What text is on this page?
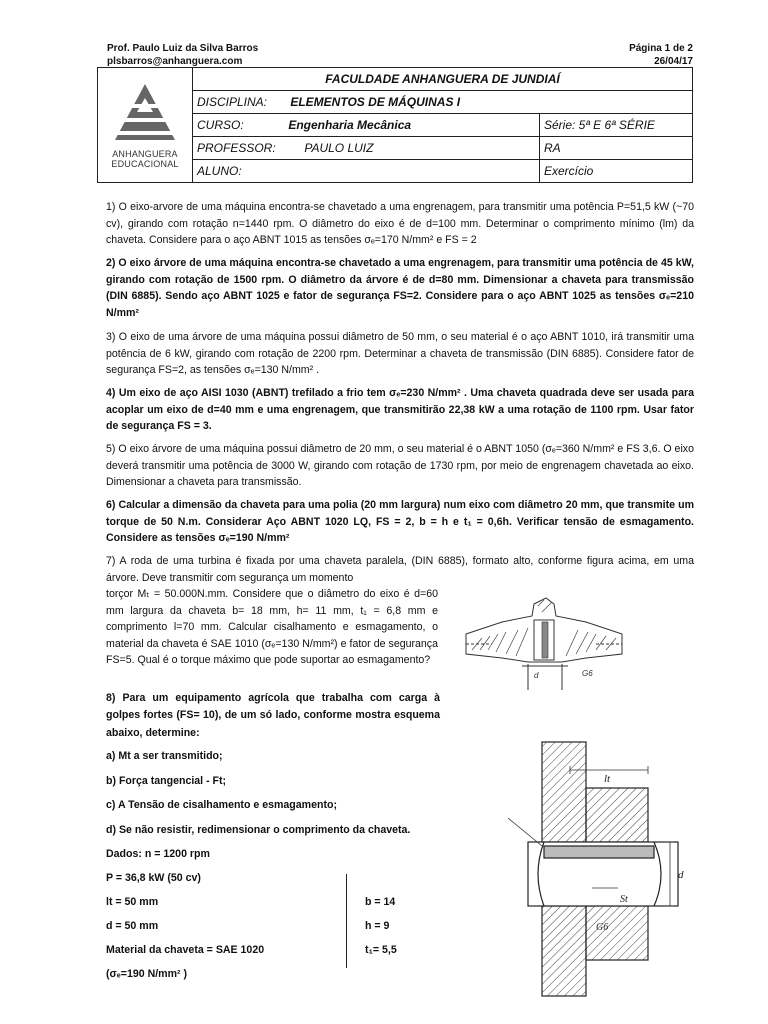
Prof. Paulo Luiz da Silva Barros
plsbarros@anhanguera.com
Página 1 de 2
26/04/17
ANHANGUERA
EDUCACIONAL	FACULDADE ANHANGUERA DE JUNDIAÍ	
	DISCIPLINA: ELEMENTOS DE MÁQUINAS I	
	CURSO: Engenharia Mecânica	Série: 5ª E 6ª SÉRIE
	PROFESSOR: PAULO LUIZ	RA
	ALUNO:	Exercício
1) O eixo-arvore de uma máquina encontra-se chavetado a uma engrenagem, para transmitir uma potência P=51,5 kW (~70 cv), girando com rotação n=1440 rpm. O diâmetro do eixo é de d=100 mm. Determinar o comprimento mínimo (lm) da chaveta. Considere para o aço ABNT 1015 as tensões σₑ=170 N/mm² e FS = 2
2) O eixo árvore de uma máquina encontra-se chavetado a uma engrenagem, para transmitir uma potência de 45 kW, girando com rotação de 1500 rpm. O diâmetro da árvore é de d=80 mm. Dimensionar a chaveta para transmissão (DIN 6885). Sendo aço ABNT 1025 e fator de segurança FS=2. Considere para o aço ABNT 1025 as tensões σₑ=210 N/mm²
3) O eixo de uma árvore de uma máquina possui diâmetro de 50 mm, o seu material é o aço ABNT 1010, irá transmitir uma potência de 6 kW, girando com rotação de 2200 rpm. Determinar a chaveta de transmissão (DIN 6885). Considere fator de segurança FS=2, as tensões σₑ=130 N/mm² .
4) Um eixo de aço AISI 1030 (ABNT) trefilado a frio tem σₑ=230 N/mm² . Uma chaveta quadrada deve ser usada para acoplar um eixo de d=40 mm e uma engrenagem, que transmitirão 22,38 kW a uma rotação de 1100 rpm. Usar fator de segurança FS = 3.
5) O eixo árvore de uma máquina possui diâmetro de 20 mm, o seu material é o ABNT 1050 (σₑ=360 N/mm² e FS 3,6. O eixo deverá transmitir uma potência de 3000 W, girando com rotação de 1730 rpm, por meio de engrenagem chavetada ao eixo. Dimensionar a chaveta para transmissão.
6) Calcular a dimensão da chaveta para uma polia (20 mm largura) num eixo com diâmetro 20 mm, que transmite um torque de 50 N.m. Considerar Aço ABNT 1020 LQ, FS = 2, b = h e t₁ = 0,6h. Verificar tensão de esmagamento. Considere as tensões σₑ=190 N/mm²
7) A roda de uma turbina é fixada por uma chaveta paralela, (DIN 6885), formato alto, conforme figura acima, em uma árvore. Deve transmitir com segurança um momento
torçor Mₜ = 50.000N.mm. Considere que o diâmetro do eixo é d=60 mm largura da chaveta b= 18 mm, h= 11 mm, t₁ = 6,8 mm e comprimento l=70 mm. Calcular cisalhamento e esmagamento, o material da chaveta é SAE 1010 (σₑ=130 N/mm²) e fator de segurança FS=5. Qual é o torque máximo que pode suportar ao esmagamento?
G6
d
8) Para um equipamento agrícola que trabalha com carga à golpes fortes (FS= 10), de um só lado, conforme mostra esquema abaixo, determine:
a) Mt a ser transmitido;
b) Força tangencial - Ft;
c) A Tensão de cisalhamento e esmagamento;
d) Se não resistir, redimensionar o comprimento da chaveta.
Dados: n = 1200 rpm
P = 36,8 kW (50 cv)
lt = 50 mm
d = 50 mm
Material da chaveta = SAE 1020
(σₑ=190 N/mm² )
b = 14
h = 9
t₁= 5,5
lt
d
St
G6
